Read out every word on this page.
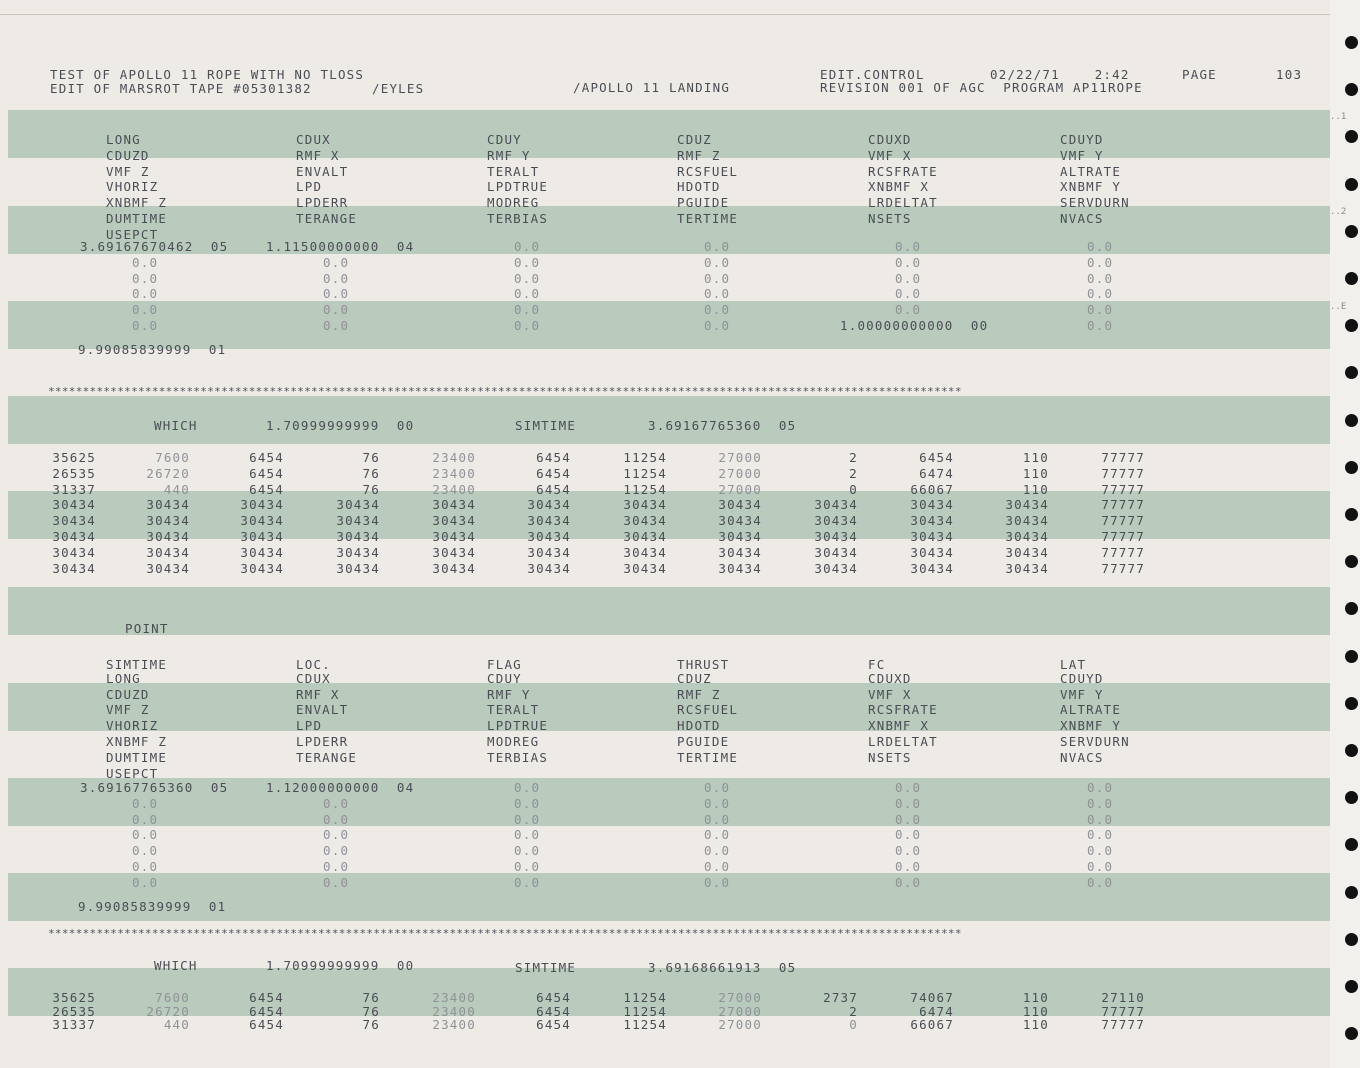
..1
..2
..E
TEST OF APOLLO 11 ROPE WITH NO TLOSS
EDIT OF MARSROT TAPE #05301382	/EYLES	/APOLLO 11 LANDING
EDIT.CONTROL	02/22/71    2:42	PAGE	103
REVISION 001 OF AGC  PROGRAM AP11ROPE
LONG	CDUX	CDUY	CDUZ	CDUXD	CDUYD
CDUZD	RMF X	RMF Y	RMF Z	VMF X	VMF Y
VMF Z	ENVALT	TERALT	RCSFUEL	RCSFRATE	ALTRATE
VHORIZ	LPD	LPDTRUE	HDOTD	XNBMF X	XNBMF Y
XNBMF Z	LPDERR	MODREG	PGUIDE	LRDELTAT	SERVDURN
DUMTIME	TERANGE	TERBIAS	TERTIME	NSETS	NVACS
USEPCT
3.69167670462  05	1.11500000000  04	0.0	0.0	0.0	0.0
0.0	0.0	0.0	0.0	0.0	0.0
0.0	0.0	0.0	0.0	0.0	0.0
0.0	0.0	0.0	0.0	0.0	0.0
0.0	0.0	0.0	0.0	0.0	0.0
0.0	0.0	0.0	0.0	1.00000000000  00	0.0
9.99085839999  01
35625	7600	6454	76	23400	6454	11254	27000	2	6454	110	77777
26535	26720	6454	76	23400	6454	11254	27000	2	6474	110	77777
31337	440	6454	76	23400	6454	11254	27000	0	66067	110	77777
30434	30434	30434	30434	30434	30434	30434	30434	30434	30434	30434	77777
30434	30434	30434	30434	30434	30434	30434	30434	30434	30434	30434	77777
30434	30434	30434	30434	30434	30434	30434	30434	30434	30434	30434	77777
30434	30434	30434	30434	30434	30434	30434	30434	30434	30434	30434	77777
30434	30434	30434	30434	30434	30434	30434	30434	30434	30434	30434	77777
SIMTIME	LOC.	FLAG	THRUST	FC	LAT
LONG	CDUX	CDUY	CDUZ	CDUXD	CDUYD
CDUZD	RMF X	RMF Y	RMF Z	VMF X	VMF Y
VMF Z	ENVALT	TERALT	RCSFUEL	RCSFRATE	ALTRATE
VHORIZ	LPD	LPDTRUE	HDOTD	XNBMF X	XNBMF Y
XNBMF Z	LPDERR	MODREG	PGUIDE	LRDELTAT	SERVDURN
DUMTIME	TERANGE	TERBIAS	TERTIME	NSETS	NVACS
USEPCT
3.69167765360  05	1.12000000000  04	0.0	0.0	0.0	0.0
0.0	0.0	0.0	0.0	0.0	0.0
0.0	0.0	0.0	0.0	0.0	0.0
0.0	0.0	0.0	0.0	0.0	0.0
0.0	0.0	0.0	0.0	0.0	0.0
0.0	0.0	0.0	0.0	0.0	0.0
0.0	0.0	0.0	0.0	0.0	0.0
9.99085839999  01
35625	7600	6454	76	23400	6454	11254	27000	2737	74067	110	27110
26535	26720	6454	76	23400	6454	11254	27000	2	6474	110	77777
31337	440	6454	76	23400	6454	11254	27000	0	66067	110	77777
************************************************************************************************************************************
************************************************************************************************************************************
WHICH	1.70999999999  00	SIMTIME	3.69167765360  05
POINT
WHICH	1.70999999999  00	SIMTIME	3.69168661913  05
